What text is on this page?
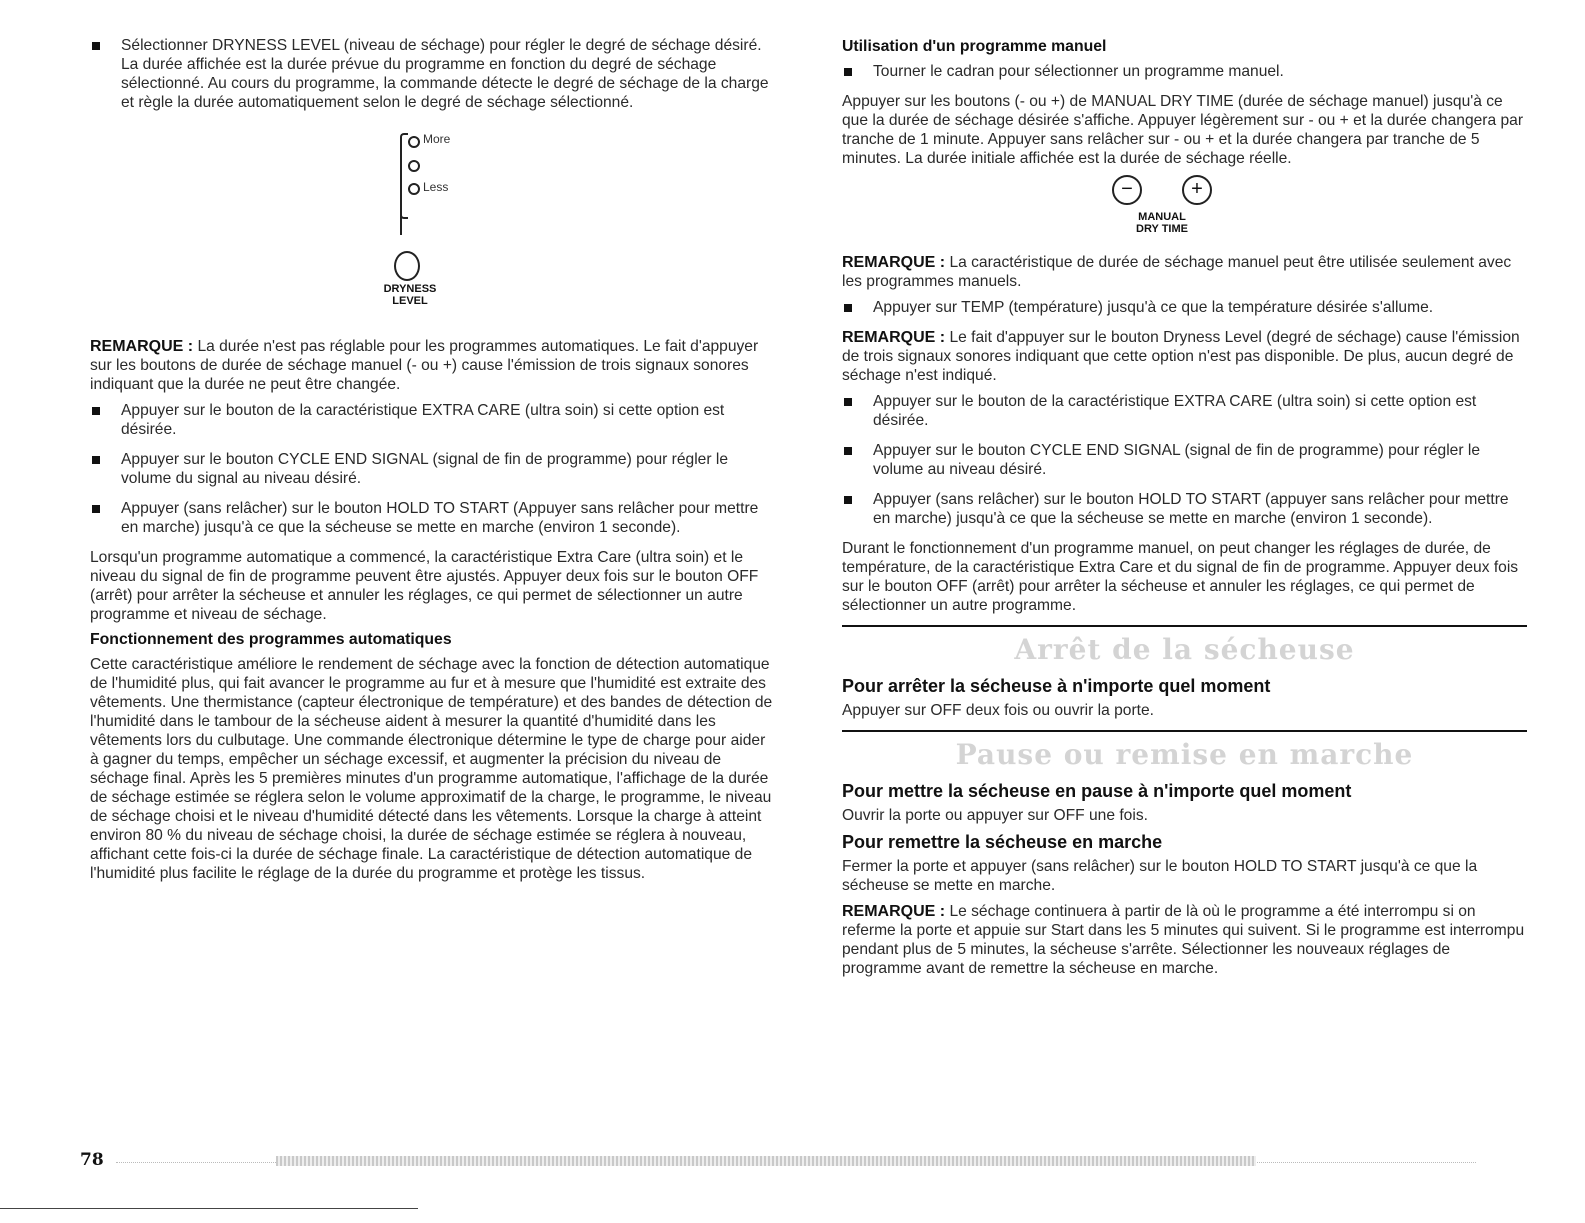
Sélectionner DRYNESS LEVEL (niveau de séchage) pour régler le degré de séchage désiré. La durée affichée est la durée prévue du programme en fonction du degré de séchage sélectionné. Au cours du programme, la commande détecte le degré de séchage de la charge et règle la durée automatiquement selon le degré de séchage sélectionné.

More
Less
DRYNESS
LEVEL

REMARQUE : La durée n'est pas réglable pour les programmes automatiques. Le fait d'appuyer sur les boutons de durée de séchage manuel (- ou +) cause l'émission de trois signaux sonores indiquant que la durée ne peut être changée.

Appuyer sur le bouton de la caractéristique EXTRA CARE (ultra soin) si cette option est désirée.

Appuyer sur le bouton CYCLE END SIGNAL (signal de fin de programme) pour régler le volume du signal au niveau désiré.

Appuyer (sans relâcher) sur le bouton HOLD TO START (Appuyer sans relâcher pour mettre en marche) jusqu'à ce que la sécheuse se mette en marche (environ 1 seconde).

Lorsqu'un programme automatique a commencé, la caractéristique Extra Care (ultra soin) et le niveau du signal de fin de programme peuvent être ajustés. Appuyer deux fois sur le bouton OFF (arrêt) pour arrêter la sécheuse et annuler les réglages, ce qui permet de sélectionner un autre programme et niveau de séchage.

Fonctionnement des programmes automatiques

Cette caractéristique améliore le rendement de séchage avec la fonction de détection automatique de l'humidité plus, qui fait avancer le programme au fur et à mesure que l'humidité est extraite des vêtements. Une thermistance (capteur électronique de température) et des bandes de détection de l'humidité dans le tambour de la sécheuse aident à mesurer la quantité d'humidité dans les vêtements lors du culbutage. Une commande électronique détermine le type de charge pour aider à gagner du temps, empêcher un séchage excessif, et augmenter la précision du niveau de séchage final. Après les 5 premières minutes d'un programme automatique, l'affichage de la durée de séchage estimée se réglera selon le volume approximatif de la charge, le programme, le niveau de séchage choisi et le niveau d'humidité détecté dans les vêtements. Lorsque la charge à atteint environ 80 % du niveau de séchage choisi, la durée de séchage estimée se réglera à nouveau, affichant cette fois-ci la durée de séchage finale. La caractéristique de détection automatique de l'humidité plus facilite le réglage de la durée du programme et protège les tissus.

Utilisation d'un programme manuel

Tourner le cadran pour sélectionner un programme manuel.

Appuyer sur les boutons (- ou +) de MANUAL DRY TIME (durée de séchage manuel) jusqu'à ce que la durée de séchage désirée s'affiche. Appuyer légèrement sur - ou + et la durée changera par tranche de 1 minute. Appuyer sans relâcher sur - ou + et la durée changera par tranche de 5 minutes. La durée initiale affichée est la durée de séchage réelle.

−	+
MANUAL
DRY TIME

REMARQUE : La caractéristique de durée de séchage manuel peut être utilisée seulement avec les programmes manuels.

Appuyer sur TEMP (température) jusqu'à ce que la température désirée s'allume.

REMARQUE : Le fait d'appuyer sur le bouton Dryness Level (degré de séchage) cause l'émission de trois signaux sonores indiquant que cette option n'est pas disponible. De plus, aucun degré de séchage n'est indiqué.

Appuyer sur le bouton de la caractéristique EXTRA CARE (ultra soin) si cette option est désirée.

Appuyer sur le bouton CYCLE END SIGNAL (signal de fin de programme) pour régler le volume au niveau désiré.

Appuyer (sans relâcher) sur le bouton HOLD TO START (appuyer sans relâcher pour mettre en marche) jusqu'à ce que la sécheuse se mette en marche (environ 1 seconde).

Durant le fonctionnement d'un programme manuel, on peut changer les réglages de durée, de température, de la caractéristique Extra Care et du signal de fin de programme. Appuyer deux fois sur le bouton OFF (arrêt) pour arrêter la sécheuse et annuler les réglages, ce qui permet de sélectionner un autre programme.

Arrêt de la sécheuse
Pour arrêter la sécheuse à n'importe quel moment

Appuyer sur OFF deux fois ou ouvrir la porte.

Pause ou remise en marche
Pour mettre la sécheuse en pause à n'importe quel moment

Ouvrir la porte ou appuyer sur OFF une fois.

Pour remettre la sécheuse en marche

Fermer la porte et appuyer (sans relâcher) sur le bouton HOLD TO START jusqu'à ce que la sécheuse se mette en marche.

REMARQUE : Le séchage continuera à partir de là où le programme a été interrompu si on referme la porte et appuie sur Start dans les 5 minutes qui suivent. Si le programme est interrompu pendant plus de 5 minutes, la sécheuse s'arrête. Sélectionner les nouveaux réglages de programme avant de remettre la sécheuse en marche.

78
